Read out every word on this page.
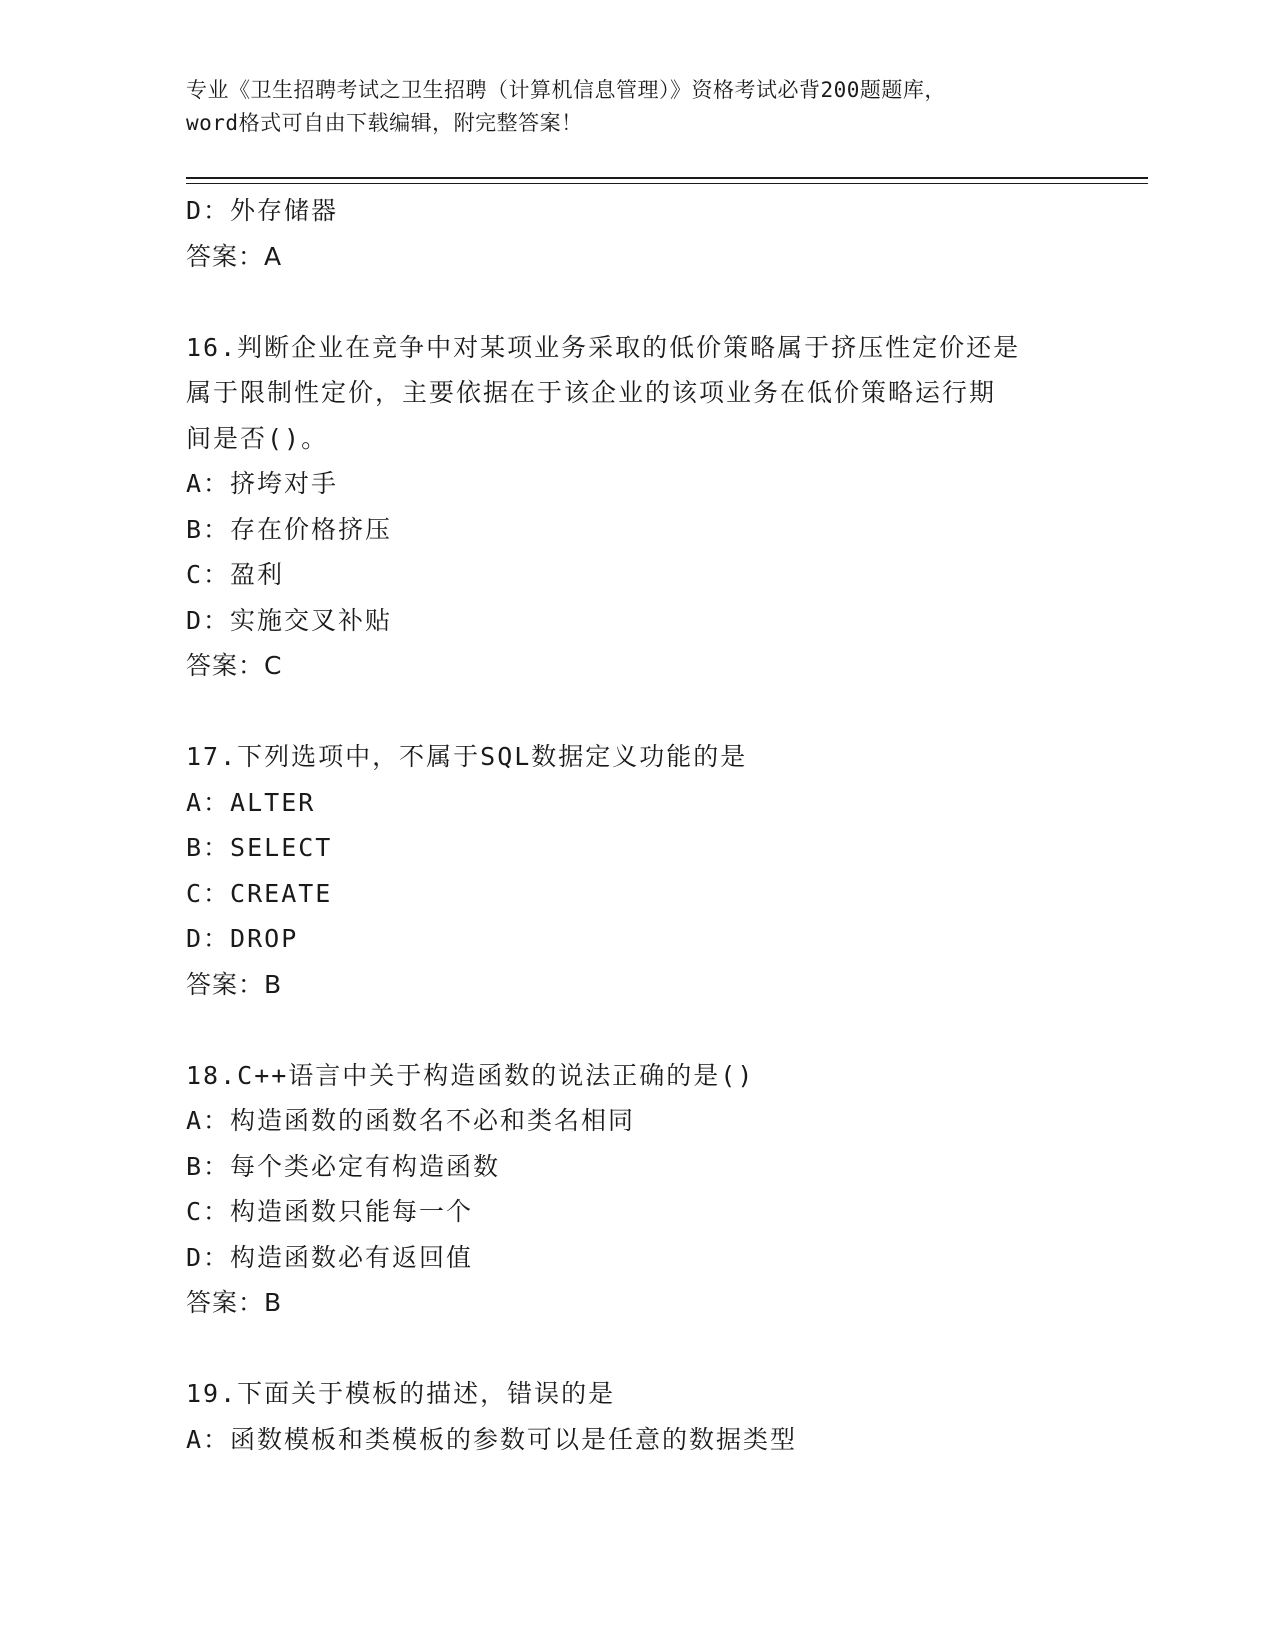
专业《卫生招聘考试之卫生招聘（计算机信息管理）》资格考试必背200题题库，
word格式可自由下载编辑，附完整答案！
D：外存储器
答案：A
16.判断企业在竞争中对某项业务采取的低价策略属于挤压性定价还是
属于限制性定价，主要依据在于该企业的该项业务在低价策略运行期
间是否()。
A：挤垮对手
B：存在价格挤压
C：盈利
D：实施交叉补贴
答案：C
17.下列选项中，不属于SQL数据定义功能的是
A：ALTER
B：SELECT
C：CREATE
D：DROP
答案：B
18.C++语言中关于构造函数的说法正确的是()
A：构造函数的函数名不必和类名相同
B：每个类必定有构造函数
C：构造函数只能每一个
D：构造函数必有返回值
答案：B
19.下面关于模板的描述，错误的是
A：函数模板和类模板的参数可以是任意的数据类型
